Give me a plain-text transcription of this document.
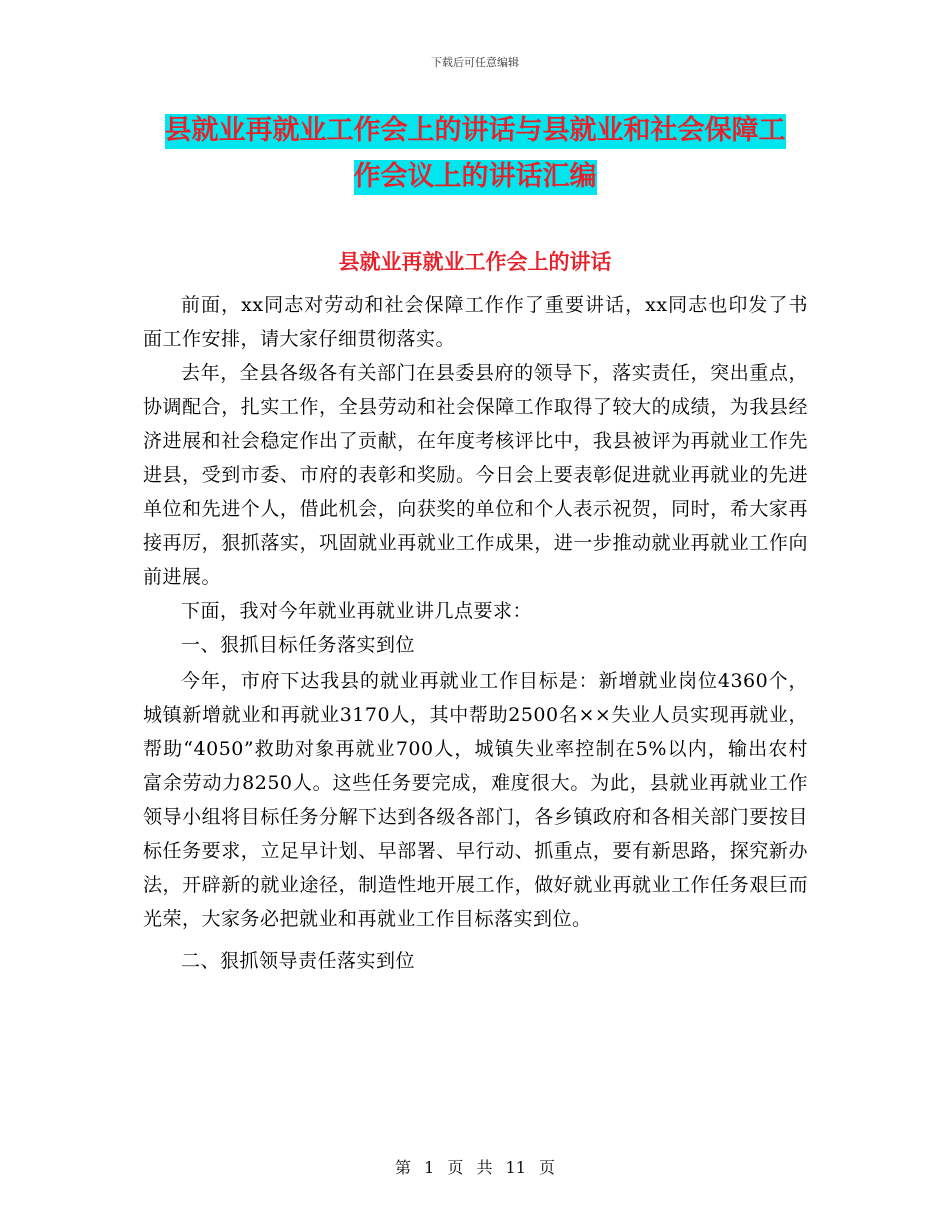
下载后可任意编辑
县就业再就业工作会上的讲话与县就业和社会保障工
作会议上的讲话汇编
县就业再就业工作会上的讲话

前面，xx同志对劳动和社会保障工作作了重要讲话，xx同志也印发了书面工作安排，请大家仔细贯彻落实。

去年，全县各级各有关部门在县委县府的领导下，落实责任，突出重点，协调配合，扎实工作，全县劳动和社会保障工作取得了较大的成绩，为我县经济进展和社会稳定作出了贡献，在年度考核评比中，我县被评为再就业工作先进县，受到市委、市府的表彰和奖励。今日会上要表彰促进就业再就业的先进单位和先进个人，借此机会，向获奖的单位和个人表示祝贺，同时，希大家再接再厉，狠抓落实，巩固就业再就业工作成果，进一步推动就业再就业工作向前进展。

下面，我对今年就业再就业讲几点要求：

一、狠抓目标任务落实到位

今年，市府下达我县的就业再就业工作目标是：新增就业岗位4360个，城镇新增就业和再就业3170人，其中帮助2500名××失业人员实现再就业，帮助“4050”救助对象再就业700人，城镇失业率控制在5%以内，输出农村富余劳动力8250人。这些任务要完成，难度很大。为此，县就业再就业工作领导小组将目标任务分解下达到各级各部门，各乡镇政府和各相关部门要按目标任务要求，立足早计划、早部署、早行动、抓重点，要有新思路，探究新办法，开辟新的就业途径，制造性地开展工作，做好就业再就业工作任务艰巨而光荣，大家务必把就业和再就业工作目标落实到位。

二、狠抓领导责任落实到位

第 1 页 共 11 页
